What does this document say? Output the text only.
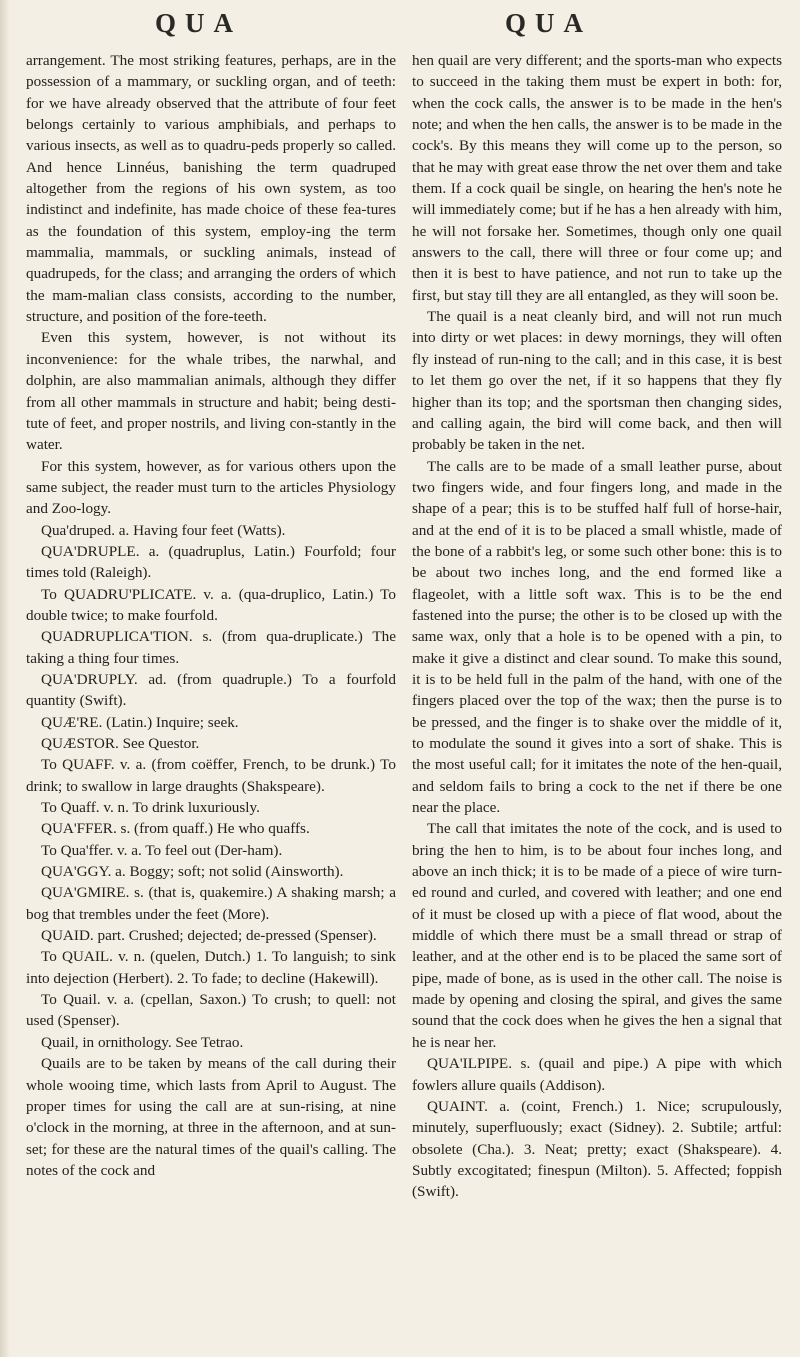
QUA	QUA

arrangement. The most striking features, perhaps, are in the possession of a mammary, or suckling organ, and of teeth: for we have already observed that the attribute of four feet belongs certainly to various amphibials, and perhaps to various insects, as well as to quadru-peds properly so called. And hence Linnéus, banishing the term quadruped altogether from the regions of his own system, as too indistinct and indefinite, has made choice of these fea-tures as the foundation of this system, employ-ing the term mammalia, mammals, or suckling animals, instead of quadrupeds, for the class; and arranging the orders of which the mam-malian class consists, according to the number, structure, and position of the fore-teeth.

Even this system, however, is not without its inconvenience: for the whale tribes, the narwhal, and dolphin, are also mammalian animals, although they differ from all other mammals in structure and habit; being desti-tute of feet, and proper nostrils, and living con-stantly in the water.

For this system, however, as for various others upon the same subject, the reader must turn to the articles Physiology and Zoo-logy.

Qua'druped. a. Having four feet (Watts).

QUA'DRUPLE. a. (quadruplus, Latin.) Fourfold; four times told (Raleigh).

To QUADRU'PLICATE. v. a. (qua-druplico, Latin.) To double twice; to make fourfold.

QUADRUPLICA'TION. s. (from qua-druplicate.) The taking a thing four times.

QUA'DRUPLY. ad. (from quadruple.) To a fourfold quantity (Swift).

QUÆ'RE. (Latin.) Inquire; seek.

QUÆSTOR. See Questor.

To QUAFF. v. a. (from coëffer, French, to be drunk.) To drink; to swallow in large draughts (Shakspeare).

To Quaff. v. n. To drink luxuriously.

QUA'FFER. s. (from quaff.) He who quaffs.

To Qua'ffer. v. a. To feel out (Der-ham).

QUA'GGY. a. Boggy; soft; not solid (Ainsworth).

QUA'GMIRE. s. (that is, quakemire.) A shaking marsh; a bog that trembles under the feet (More).

QUAID. part. Crushed; dejected; de-pressed (Spenser).

To QUAIL. v. n. (quelen, Dutch.) 1. To languish; to sink into dejection (Herbert). 2. To fade; to decline (Hakewill).

To Quail. v. a. (cpellan, Saxon.) To crush; to quell: not used (Spenser).

Quail, in ornithology. See Tetrao.

Quails are to be taken by means of the call during their whole wooing time, which lasts from April to August. The proper times for using the call are at sun-rising, at nine o'clock in the morning, at three in the afternoon, and at sun-set; for these are the natural times of the quail's calling. The notes of the cock and

hen quail are very different; and the sports-man who expects to succeed in the taking them must be expert in both: for, when the cock calls, the answer is to be made in the hen's note; and when the hen calls, the answer is to be made in the cock's. By this means they will come up to the person, so that he may with great ease throw the net over them and take them. If a cock quail be single, on hearing the hen's note he will immediately come; but if he has a hen already with him, he will not forsake her. Sometimes, though only one quail answers to the call, there will three or four come up; and then it is best to have patience, and not run to take up the first, but stay till they are all entangled, as they will soon be.

The quail is a neat cleanly bird, and will not run much into dirty or wet places: in dewy mornings, they will often fly instead of run-ning to the call; and in this case, it is best to let them go over the net, if it so happens that they fly higher than its top; and the sportsman then changing sides, and calling again, the bird will come back, and then will probably be taken in the net.

The calls are to be made of a small leather purse, about two fingers wide, and four fingers long, and made in the shape of a pear; this is to be stuffed half full of horse-hair, and at the end of it is to be placed a small whistle, made of the bone of a rabbit's leg, or some such other bone: this is to be about two inches long, and the end formed like a flageolet, with a little soft wax. This is to be the end fastened into the purse; the other is to be closed up with the same wax, only that a hole is to be opened with a pin, to make it give a distinct and clear sound. To make this sound, it is to be held full in the palm of the hand, with one of the fingers placed over the top of the wax; then the purse is to be pressed, and the finger is to shake over the middle of it, to modulate the sound it gives into a sort of shake. This is the most useful call; for it imitates the note of the hen-quail, and seldom fails to bring a cock to the net if there be one near the place.

The call that imitates the note of the cock, and is used to bring the hen to him, is to be about four inches long, and above an inch thick; it is to be made of a piece of wire turn-ed round and curled, and covered with leather; and one end of it must be closed up with a piece of flat wood, about the middle of which there must be a small thread or strap of leather, and at the other end is to be placed the same sort of pipe, made of bone, as is used in the other call. The noise is made by opening and closing the spiral, and gives the same sound that the cock does when he gives the hen a signal that he is near her.

QUA'ILPIPE. s. (quail and pipe.) A pipe with which fowlers allure quails (Addison).

QUAINT. a. (coint, French.) 1. Nice; scrupulously, minutely, superfluously; exact (Sidney). 2. Subtile; artful: obsolete (Cha.). 3. Neat; pretty; exact (Shakspeare). 4. Subtly excogitated; finespun (Milton). 5. Affected; foppish (Swift).
